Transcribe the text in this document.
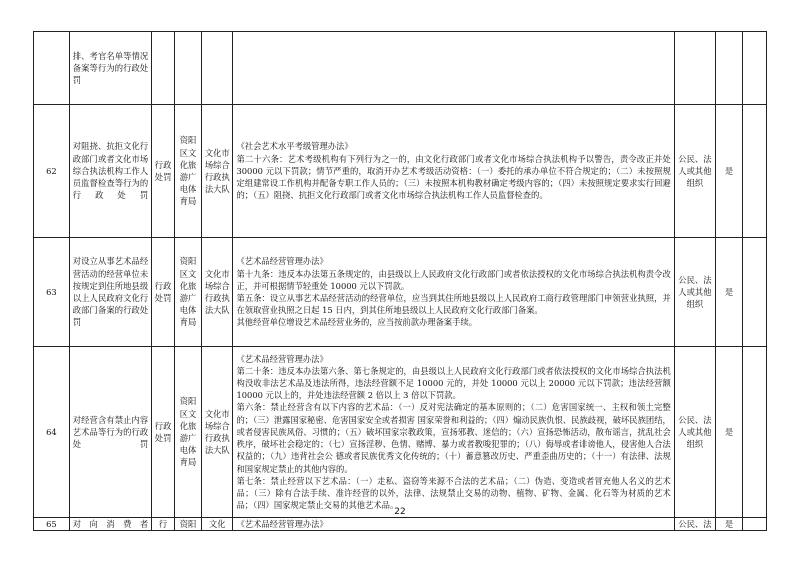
	排、考官名单等情况备案等行为的行政处罚							
62	对阻挠、抗拒文化行政部门或者文化市场综合执法机构工作人员监督检查等行为的行政处罚	行政处罚	资阳区文化旅游广电体育局	文化市场综合行政执法大队	《社会艺术水平考级管理办法》
第二十六条：艺术考级机构有下列行为之一的，由文化行政部门或者文化市场综合执法机构予以警告，责令改正并处 30000 元以下罚款；情节严重的，取消开办艺术考级活动资格：（一）委托的承办单位不符合规定的；（二）未按照规定组建常设工作机构并配备专职工作人员的；（三）未按照本机构教材确定考级内容的；（四）未按照规定要求实行回避的；（五）阻挠、抗拒文化行政部门或者文化市场综合执法机构工作人员监督检查的。	公民、法人或其他组织	是	
63	对设立从事艺术品经营活动的经营单位未按规定到住所地县级以上人民政府文化行政部门备案的行政处罚	行政处罚	资阳区文化旅游广电体育局	文化市场综合行政执法大队	《艺术品经营管理办法》
第十九条：违反本办法第五条规定的，由县级以上人民政府文化行政部门或者依法授权的文化市场综合执法机构责令改正，并可根据情节轻重处 10000 元以下罚款。
第五条：设立从事艺术品经营活动的经营单位，应当到其住所地县级以上人民政府工商行政管理部门申领营业执照，并在领取营业执照之日起 15 日内，到其住所地县级以上人民政府文化行政部门备案。
其他经营单位增设艺术品经营业务的，应当按前款办理备案手续。	公民、法人或其他组织	是	
64	对经营含有禁止内容艺术品等行为的行政处罚	行政处罚	资阳区文化旅游广电体育局	文化市场综合行政执法大队	《艺术品经营管理办法》
第二十条：违反本办法第六条、第七条规定的，由县级以上人民政府文化行政部门或者依法授权的文化市场综合执法机构没收非法艺术品及违法所得，违法经营额不足 10000 元的，并处 10000 元以上 20000 元以下罚款；违法经营额 10000 元以上的，并处违法经营额 2 倍以上 3 倍以下罚款。
第六条：禁止经营含有以下内容的艺术品：（一）反对宪法确定的基本原则的；（二）危害国家统一、主权和领土完整的；（三）泄露国家秘密、危害国家安全或者损害 国家荣誉和利益的；（四）煽动民族仇恨、民族歧视，破坏民族团结，或者侵害民族风俗、习惯的；（五）破坏国家宗教政策，宣扬邪教、迷信的；（六）宣扬恐怖活动，散布谣言，扰乱社会秩序，破坏社会稳定的；（七）宣扬淫秽、色情、赌博、暴力或者教唆犯罪的；（八）侮辱或者诽谤他人，侵害他人合法权益的；（九）违背社会公 德或者民族优秀文化传统的；（十）蓄意篡改历史、严重歪曲历史的；（十一）有法律、法规和国家规定禁止的其他内容的。
第七条：禁止经营以下艺术品：（一）走私、盗窃等来源不合法的艺术品；（二）伪造、变造或者冒充他人名义的艺术品；（三）除有合法手续、准许经营的以外，法律、法规禁止交易的动物、植物、矿物、金属、化石等为材质的艺术品；（四）国家规定禁止交易的其他艺术品。	公民、法人或其他组织	是	
65	对向消费者	行	资阳	文化	《艺术品经营管理办法》	公民、法	是	
22
